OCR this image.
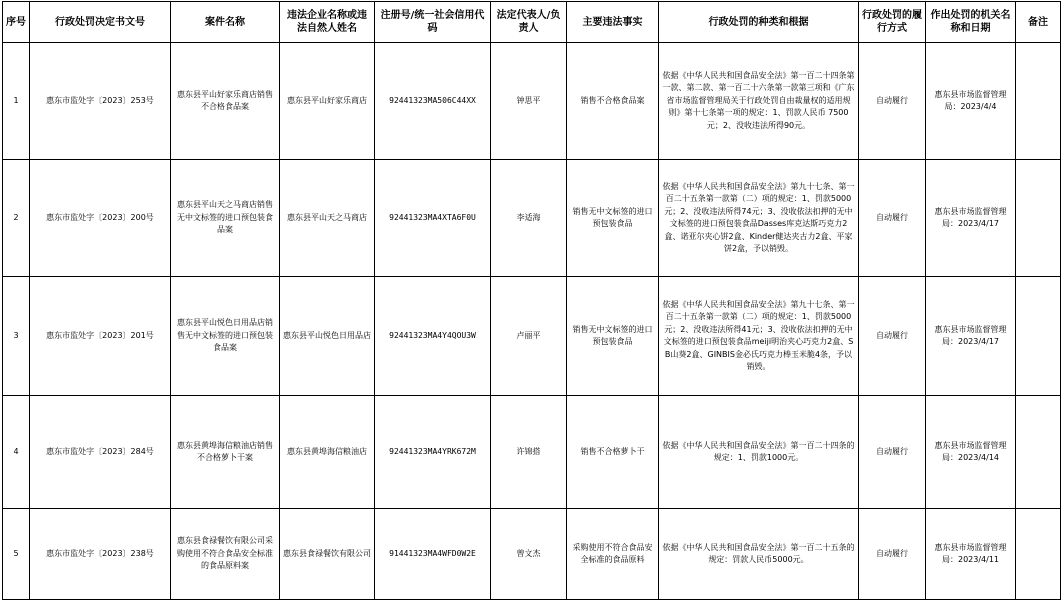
序号	行政处罚决定书文号	案件名称	违法企业名称或违法自然人姓名	注册号/统一社会信用代码	法定代表人/负责人	主要违法事实	行政处罚的种类和根据	行政处罚的履行方式	作出处罚的机关名称和日期	备注
1	惠东市监处字〔2023〕253号	惠东县平山好家乐商店销售不合格食品案	惠东县平山好家乐商店	92441323MA506C44XX	钟思平	销售不合格食品案	依据《中华人民共和国食品安全法》第一百二十四条第一款、第二款、第一百二十六条第一款第三项和《广东省市场监督管理局关于行政处罚自由裁量权的适用规则》第十七条第一项的规定：1、罚款人民币 7500 元；2、没收违法所得90元。	自动履行	惠东县市场监督管理局：2023/4/4	
2	惠东市监处字〔2023〕200号	惠东县平山天之马商店销售无中文标签的进口预包装食品案	惠东县平山天之马商店	92441323MA4XTA6F0U	李适海	销售无中文标签的进口预包装食品	依据《中华人民共和国食品安全法》第九十七条、第一百二十五条第一款第（二）项的规定：1、罚款5000元；2、没收违法所得74元；3、没收依法扣押的无中文标签的进口预包装食品Dasses库克达斯巧克力2盒、诺亚尔夹心饼2盒、Kinder健达夹古力2盒、平家饼2盒，予以销毁。	自动履行	惠东县市场监督管理局：2023/4/17	
3	惠东市监处字〔2023〕201号	惠东县平山悦色日用品店销售无中文标签的进口预包装食品案	惠东县平山悦色日用品店	92441323MA4Y4QOU3W	卢丽平	销售无中文标签的进口预包装食品	依据《中华人民共和国食品安全法》第九十七条、第一百二十五条第一款第（二）项的规定：1、罚款5000元；2、没收违法所得41元；3、没收依法扣押的无中文标签的进口预包装食品meiji明治夹心巧克力2盒、SB山葵2盒、GINBIS金必氏巧克力棒玉米脆4条，予以销毁。	自动履行	惠东县市场监督管理局：2023/4/17	
4	惠东市监处字〔2023〕284号	惠东县黄埠海信粮油店销售不合格萝卜干案	惠东县黄埠海信粮油店	92441323MA4YRK672M	许锦搭	销售不合格萝卜干	依据《中华人民共和国食品安全法》第一百二十四条的规定：1、罚款1000元。	自动履行	惠东县市场监督管理局：2023/4/14	
5	惠东市监处字〔2023〕238号	惠东县食禄餐饮有限公司采购使用不符合食品安全标准的食品原料案	惠东县食禄餐饮有限公司	91441323MA4WFD0W2E	曾文杰	采购使用不符合食品安全标准的食品原料	依据《中华人民共和国食品安全法》第一百二十五条的规定：罚款人民币5000元。	自动履行	惠东县市场监督管理局：2023/4/11	
